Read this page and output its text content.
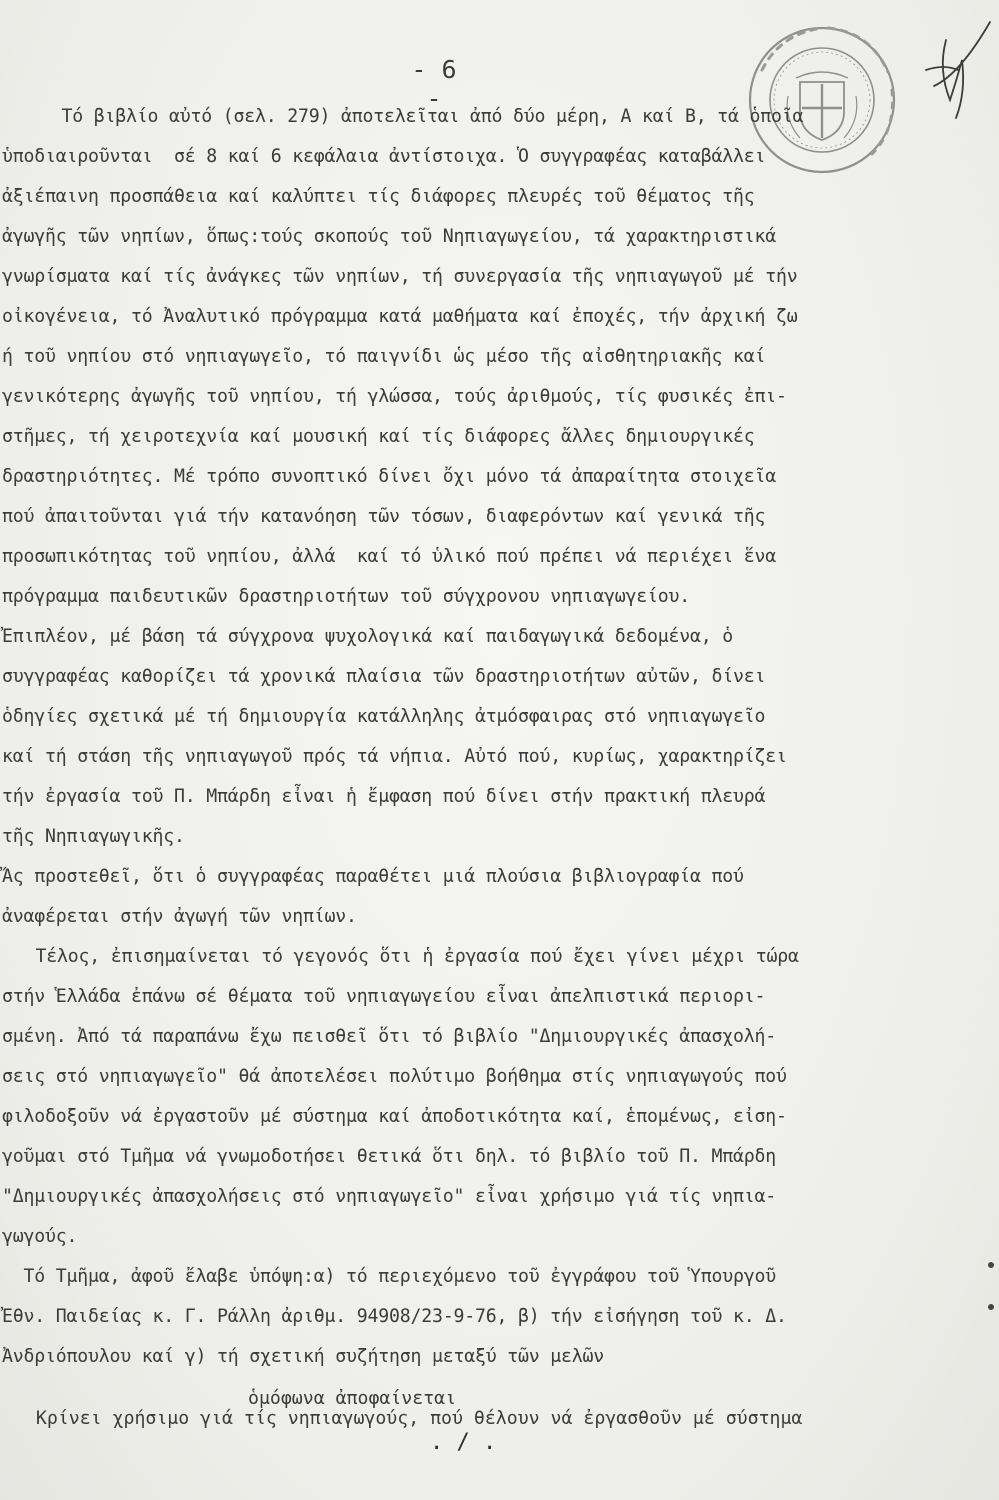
- 6 -
Τό βιβλίο αὐτό (σελ. 279) ἀποτελεῖται ἀπό δύο μέρη, Α καί Β, τά ὁποῖα
ὑποδιαιροῦνται  σέ 8 καί 6 κεφάλαια ἀντίστοιχα. Ὁ συγγραφέας καταβάλλει
ἀξιέπαινη προσπάθεια καί καλύπτει τίς διάφορες πλευρές τοῦ θέματος τῆς
ἀγωγῆς τῶν νηπίων, ὅπως:τούς σκοπούς τοῦ Νηπιαγωγείου, τά χαρακτηριστικά
γνωρίσματα καί τίς ἀνάγκες τῶν νηπίων, τή συνεργασία τῆς νηπιαγωγοῦ μέ τήν
οἰκογένεια, τό Ἀναλυτικό πρόγραμμα κατά μαθήματα καί ἐποχές, τήν ἀρχική ζω
ή τοῦ νηπίου στό νηπιαγωγεῖο, τό παιγνίδι ὡς μέσο τῆς αἰσθητηριακῆς καί
γενικότερης ἀγωγῆς τοῦ νηπίου, τή γλώσσα, τούς ἀριθμούς, τίς φυσικές ἐπι-
στῆμες, τή χειροτεχνία καί μουσική καί τίς διάφορες ἄλλες δημιουργικές
δραστηριότητες. Μέ τρόπο συνοπτικό δίνει ὄχι μόνο τά ἀπαραίτητα στοιχεῖα
πού ἀπαιτοῦνται γιά τήν κατανόηση τῶν τόσων, διαφερόντων καί γενικά τῆς
προσωπικότητας τοῦ νηπίου, ἀλλά  καί τό ὑλικό πού πρέπει νά περιέχει ἕνα
πρόγραμμα παιδευτικῶν δραστηριοτήτων τοῦ σύγχρονου νηπιαγωγείου.
Ἐπιπλέον, μέ βάση τά σύγχρονα ψυχολογικά καί παιδαγωγικά δεδομένα, ὁ
συγγραφέας καθορίζει τά χρονικά πλαίσια τῶν δραστηριοτήτων αὐτῶν, δίνει
ὁδηγίες σχετικά μέ τή δημιουργία κατάλληλης ἀτμόσφαιρας στό νηπιαγωγεῖο
καί τή στάση τῆς νηπιαγωγοῦ πρός τά νήπια. Αὐτό πού, κυρίως, χαρακτηρίζει
τήν ἐργασία τοῦ Π. Μπάρδη εἶναι ἡ ἔμφαση πού δίνει στήν πρακτική πλευρά
τῆς Νηπιαγωγικῆς.
Ἄς προστεθεῖ, ὅτι ὁ συγγραφέας παραθέτει μιά πλούσια βιβλιογραφία πού
ἀναφέρεται στήν ἀγωγή τῶν νηπίων.
Τέλος, ἐπισημαίνεται τό γεγονός ὅτι ἡ ἐργασία πού ἔχει γίνει μέχρι τώρα
στήν Ἑλλάδα ἐπάνω σέ θέματα τοῦ νηπιαγωγείου εἶναι ἀπελπιστικά περιορι-
σμένη. Ἀπό τά παραπάνω ἔχω πεισθεῖ ὅτι τό βιβλίο "Δημιουργικές ἀπασχολή-
σεις στό νηπιαγωγεῖο" θά ἀποτελέσει πολύτιμο βοήθημα στίς νηπιαγωγούς πού
φιλοδοξοῦν νά ἐργαστοῦν μέ σύστημα καί ἀποδοτικότητα καί, ἑπομένως, εἰση-
γοῦμαι στό Τμῆμα νά γνωμοδοτήσει θετικά ὅτι δηλ. τό βιβλίο τοῦ Π. Μπάρδη
"Δημιουργικές ἀπασχολήσεις στό νηπιαγωγεῖο" εἶναι χρήσιμο γιά τίς νηπια-
γωγούς.
Τό Τμῆμα, ἀφοῦ ἔλαβε ὑπόψη:α) τό περιεχόμενο τοῦ ἐγγράφου τοῦ Ὑπουργοῦ
Ἐθν. Παιδείας κ. Γ. Ράλλη ἀριθμ. 94908/23-9-76, β) τήν εἰσήγηση τοῦ κ. Δ.
Ἀνδριόπουλου καί γ) τή σχετική συζήτηση μεταξύ τῶν μελῶν
ὁμόφωνα ἀποφαίνεται
Κρίνει χρήσιμο γιά τίς νηπιαγωγούς, πού θέλουν νά ἐργασθοῦν μέ σύστημα
. / .
